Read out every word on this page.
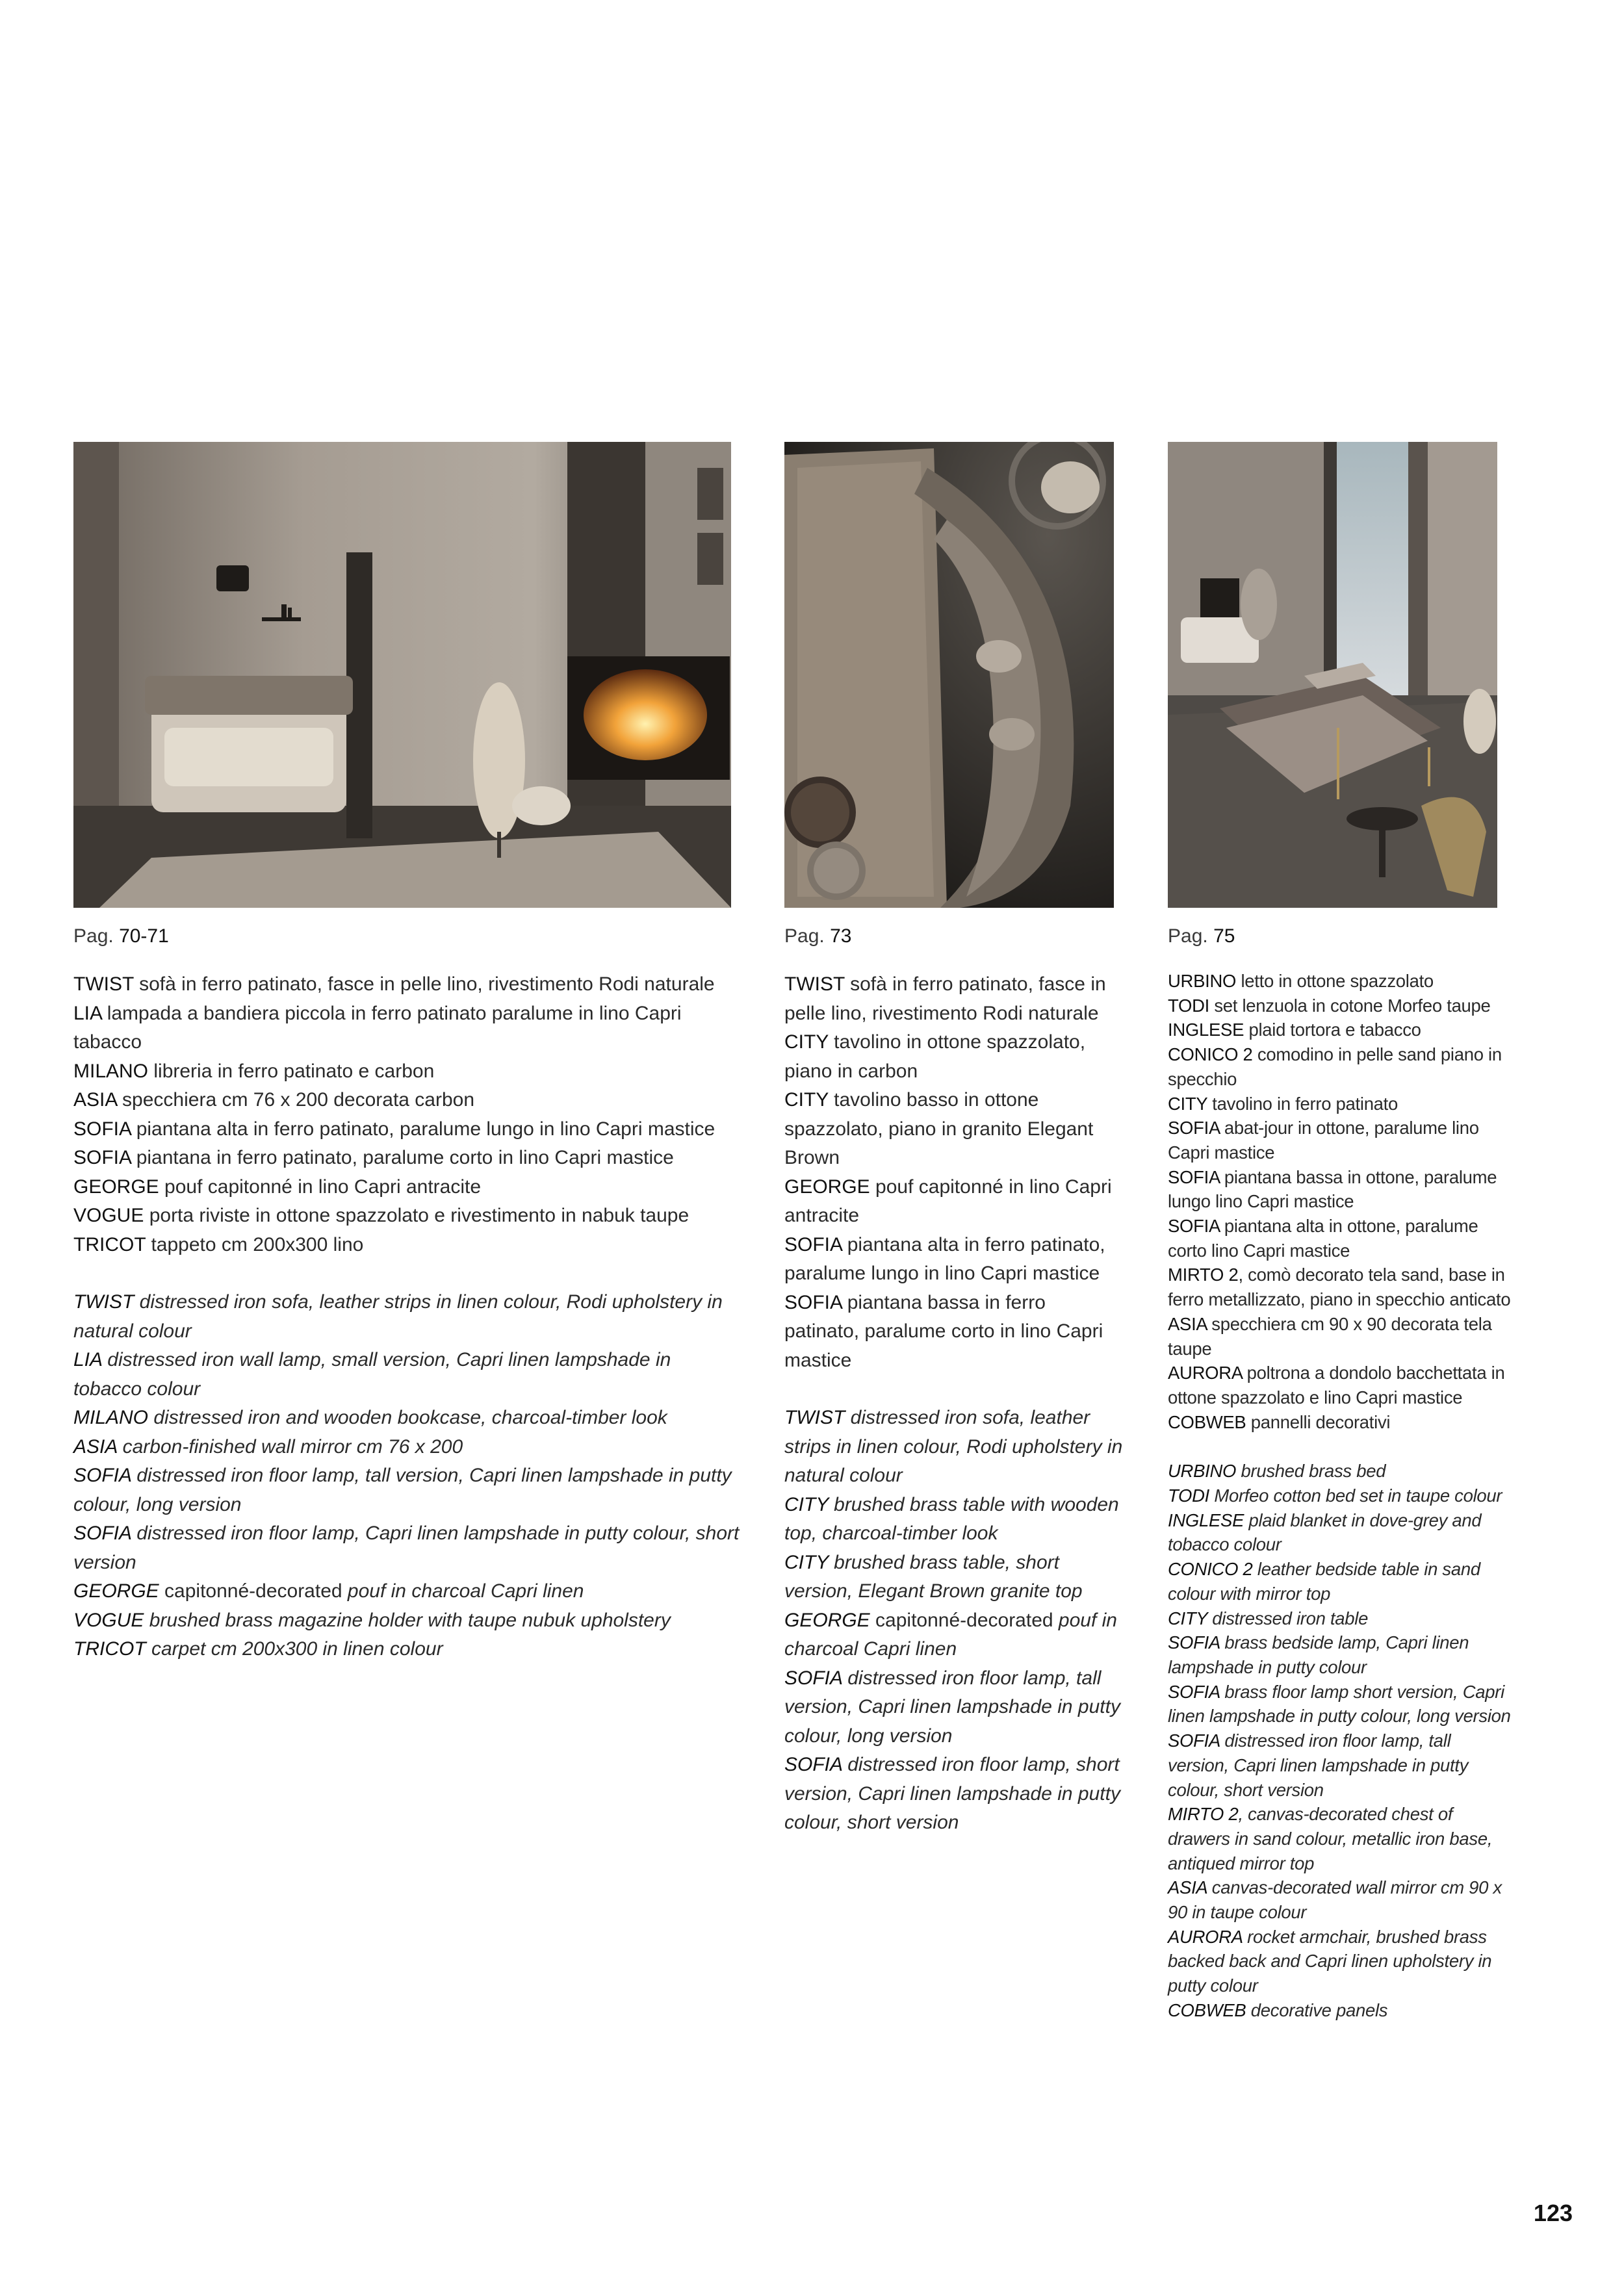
Pag. 70-71

TWIST sofà in ferro patinato, fasce in pelle lino, rivestimento Rodi naturale
LIA lampada a bandiera piccola in ferro patinato paralume in lino Capri tabacco
MILANO libreria in ferro patinato e carbon
ASIA specchiera cm 76 x 200 decorata carbon
SOFIA piantana alta in ferro patinato, paralume lungo in lino Capri mastice
SOFIA piantana in ferro patinato, paralume corto in lino Capri mastice
GEORGE pouf capitonné in lino Capri antracite
VOGUE porta riviste in ottone spazzolato e rivestimento in nabuk taupe
TRICOT tappeto cm 200x300 lino
TWIST distressed iron sofa, leather strips in linen colour, Rodi upholstery in natural colour
LIA distressed iron wall lamp, small version, Capri linen lampshade in tobacco colour
MILANO distressed iron and wooden bookcase, charcoal-timber look
ASIA carbon-finished wall mirror cm 76 x 200
SOFIA distressed iron floor lamp, tall version, Capri linen lampshade in putty colour, long version
SOFIA distressed iron floor lamp, Capri linen lampshade in putty colour, short version
GEORGE capitonné-decorated pouf in charcoal Capri linen
VOGUE brushed brass magazine holder with taupe nubuk upholstery
TRICOT carpet cm 200x300 in linen colour

Pag. 73

TWIST sofà in ferro patinato, fasce in pelle lino, rivestimento Rodi naturale
CITY tavolino in ottone spazzolato, piano in carbon
CITY tavolino basso in ottone spazzolato, piano in granito Elegant Brown
GEORGE pouf capitonné in lino Capri antracite
SOFIA piantana alta in ferro patinato, paralume lungo in lino Capri mastice
SOFIA piantana bassa in ferro patinato, paralume corto in lino Capri mastice
TWIST distressed iron sofa, leather strips in linen colour, Rodi upholstery in natural colour
CITY brushed brass table with wooden top, charcoal-timber look
CITY brushed brass table, short version, Elegant Brown granite top
GEORGE capitonné-decorated pouf in charcoal Capri linen
SOFIA distressed iron floor lamp, tall version, Capri linen lampshade in putty colour, long version
SOFIA distressed iron floor lamp, short version, Capri linen lampshade in putty colour, short version

Pag. 75

URBINO letto in ottone spazzolato
TODI set lenzuola in cotone Morfeo taupe
INGLESE plaid tortora e tabacco
CONICO 2 comodino in pelle sand piano in specchio
CITY tavolino in ferro patinato
SOFIA abat-jour in ottone, paralume lino Capri mastice
SOFIA piantana bassa in ottone, paralume lungo lino Capri mastice
SOFIA piantana alta in ottone, paralume corto lino Capri mastice
MIRTO 2, comò decorato tela sand, base in ferro metallizzato, piano in specchio anticato
ASIA specchiera cm 90 x 90 decorata tela taupe
AURORA poltrona a dondolo bacchettata in ottone spazzolato e lino Capri mastice
COBWEB pannelli decorativi
URBINO brushed brass bed
TODI Morfeo cotton bed set in taupe colour
INGLESE plaid blanket in dove-grey and tobacco colour
CONICO 2 leather bedside table in sand colour with mirror top
CITY distressed iron table
SOFIA brass bedside lamp, Capri linen lampshade in putty colour
SOFIA brass floor lamp short version, Capri linen lampshade in putty colour, long version
SOFIA distressed iron floor lamp, tall version, Capri linen lampshade in putty colour, short version
MIRTO 2, canvas-decorated chest of drawers in sand colour, metallic iron base, antiqued mirror top
ASIA canvas-decorated wall mirror cm 90 x 90 in taupe colour
AURORA rocket armchair, brushed brass backed back and Capri linen upholstery in putty colour
COBWEB decorative panels
123
